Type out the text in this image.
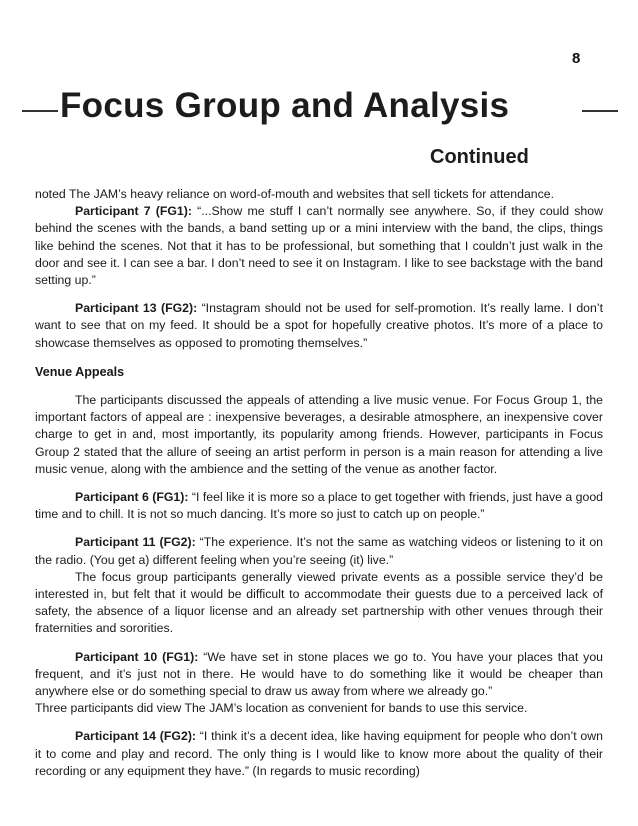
8
Focus Group and Analysis
Continued

noted The JAM’s heavy reliance on word-of-mouth and websites that sell tickets for attendance.

Participant 7 (FG1): “...Show me stuff I can’t normally see anywhere. So, if they could show behind the scenes with the bands, a band setting up or a mini interview with the band, the clips, things like behind the scenes. Not that it has to be professional, but something that I couldn’t just walk in the door and see it. I can see a bar. I don’t need to see it on Instagram. I like to see backstage with the band setting up.”

Participant 13 (FG2): “Instagram should not be used for self-promotion. It’s really lame. I don’t want to see that on my feed. It should be a spot for hopefully creative photos. It’s more of a place to showcase themselves as opposed to promoting themselves.”

Venue Appeals

The participants discussed the appeals of attending a live music venue. For Focus Group 1, the important factors of appeal are : inexpensive beverages, a desirable atmosphere, an inexpensive cover charge to get in and, most importantly, its popularity among friends. However, participants in Focus Group 2 stated that the allure of seeing an artist perform in person is a main reason for attending a live music venue, along with the ambience and the setting of the venue as another factor.

Participant 6 (FG1): “I feel like it is more so a place to get together with friends, just have a good time and to chill. It is not so much dancing. It’s more so just to catch up on people.”

Participant 11 (FG2): “The experience. It’s not the same as watching videos or listening to it on the radio. (You get a) different feeling when you’re seeing (it) live.”

The focus group participants generally viewed private events as a possible service they’d be interested in, but felt that it would be difficult to accommodate their guests due to a perceived lack of safety, the absence of a liquor license and an already set partnership with other venues through their fraternities and sororities.

Participant 10 (FG1): “We have set in stone places we go to. You have your places that you frequent, and it’s just not in there. He would have to do something like it would be cheaper than anywhere else or do something special to draw us away from where we already go.”

Three participants did view The JAM’s location as convenient for bands to use this service.

Participant 14 (FG2): “I think it’s a decent idea, like having equipment for people who don’t own it to come and play and record. The only thing is I would like to know more about the quality of their recording or any equipment they have.” (In regards to music recording)
